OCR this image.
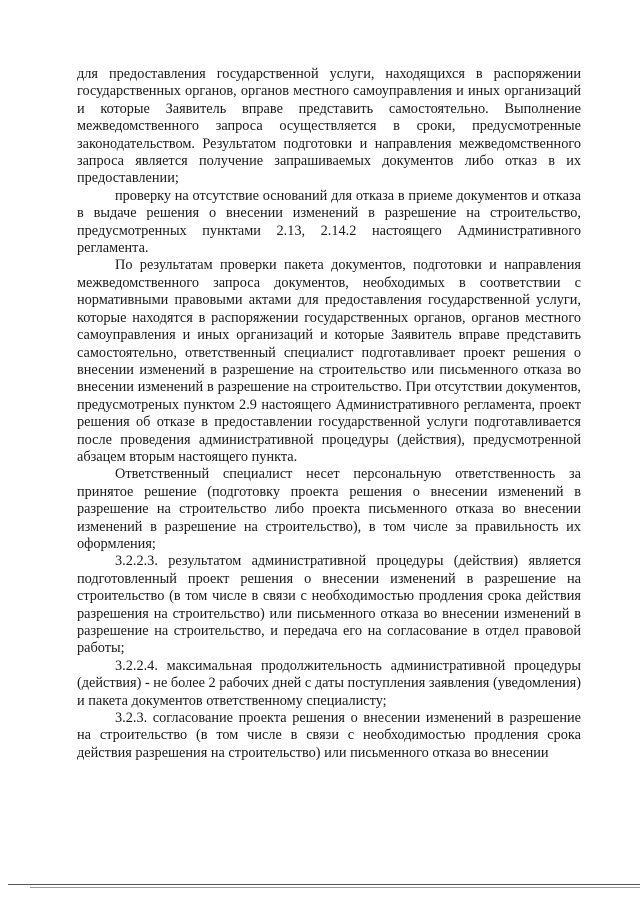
для предоставления государственной услуги, находящихся в распоряжении государственных органов, органов местного самоуправления и иных организаций и которые Заявитель вправе представить самостоятельно. Выполнение межведомственного запроса осуществляется в сроки, предусмотренные законодательством. Результатом подготовки и направления межведомственного запроса является получение запрашиваемых документов либо отказ в их предоставлении;

проверку на отсутствие оснований для отказа в приеме документов и отказа в выдаче решения о внесении изменений в разрешение на строительство, предусмотренных пунктами 2.13, 2.14.2 настоящего Административного регламента.

По результатам проверки пакета документов, подготовки и направления межведомственного запроса документов, необходимых в соответствии с нормативными правовыми актами для предоставления государственной услуги, которые находятся в распоряжении государственных органов, органов местного самоуправления и иных организаций и которые Заявитель вправе представить самостоятельно, ответственный специалист подготавливает проект решения о внесении изменений в разрешение на строительство или письменного отказа во внесении изменений в разрешение на строительство. При отсутствии документов, предусмотреных пунктом 2.9 настоящего Административного регламента, проект решения об отказе в предоставлении государственной услуги подготавливается после проведения административной процедуры (действия), предусмотренной абзацем вторым настоящего пункта.

Ответственный специалист несет персональную ответственность за принятое решение (подготовку проекта решения о внесении изменений в разрешение на строительство либо проекта письменного отказа во внесении изменений в разрешение на строительство), в том числе за правильность их оформления;

3.2.2.3. результатом административной процедуры (действия) является подготовленный проект решения о внесении изменений в разрешение на строительство (в том числе в связи с необходимостью продления срока действия разрешения на строительство) или письменного отказа во внесении изменений в разрешение на строительство, и передача его на согласование в отдел правовой работы;

3.2.2.4. максимальная продолжительность административной процедуры (действия) - не более 2 рабочих дней с даты поступления заявления (уведомления) и пакета документов ответственному специалисту;

3.2.3. согласование проекта решения о внесении изменений в разрешение на строительство (в том числе в связи с необходимостью продления срока действия разрешения на строительство) или письменного отказа во внесении
